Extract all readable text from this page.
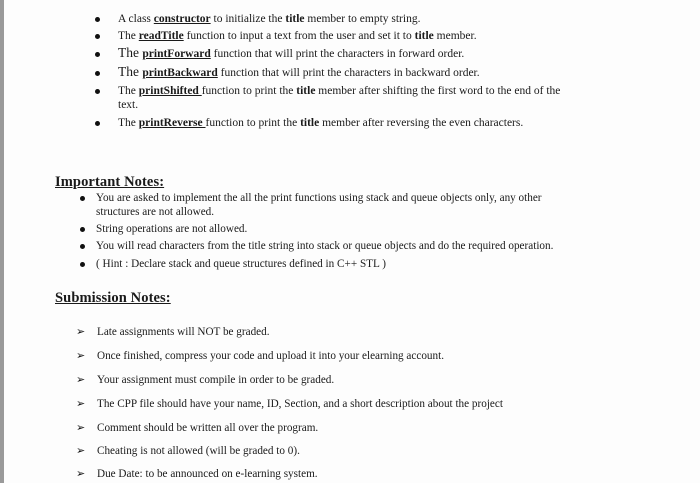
A class constructor to initialize the title member to empty string.
The readTitle function to input a text from the user and set it to title member.
The printForward function that will print the characters in forward order.
The printBackward function that will print the characters in backward order.
The printShifted function to print the title member after shifting the first word to the end of the
text.
The printReverse function to print the title member after reversing the even characters.
Important Notes:
You are asked to implement the all the print functions using stack and queue objects only, any other
structures are not allowed.
String operations are not allowed.
You will read characters from the title string into stack or queue objects and do the required operation.
( Hint : Declare stack and queue structures defined in C++ STL )
Submission Notes:
➢ Late assignments will NOT be graded.
➢ Once finished, compress your code and upload it into your elearning account.
➢ Your assignment must compile in order to be graded.
➢ The CPP file should have your name, ID, Section, and a short description about the project
➢ Comment should be written all over the program.
➢ Cheating is not allowed (will be graded to 0).
➢ Due Date: to be announced on e-learning system.
